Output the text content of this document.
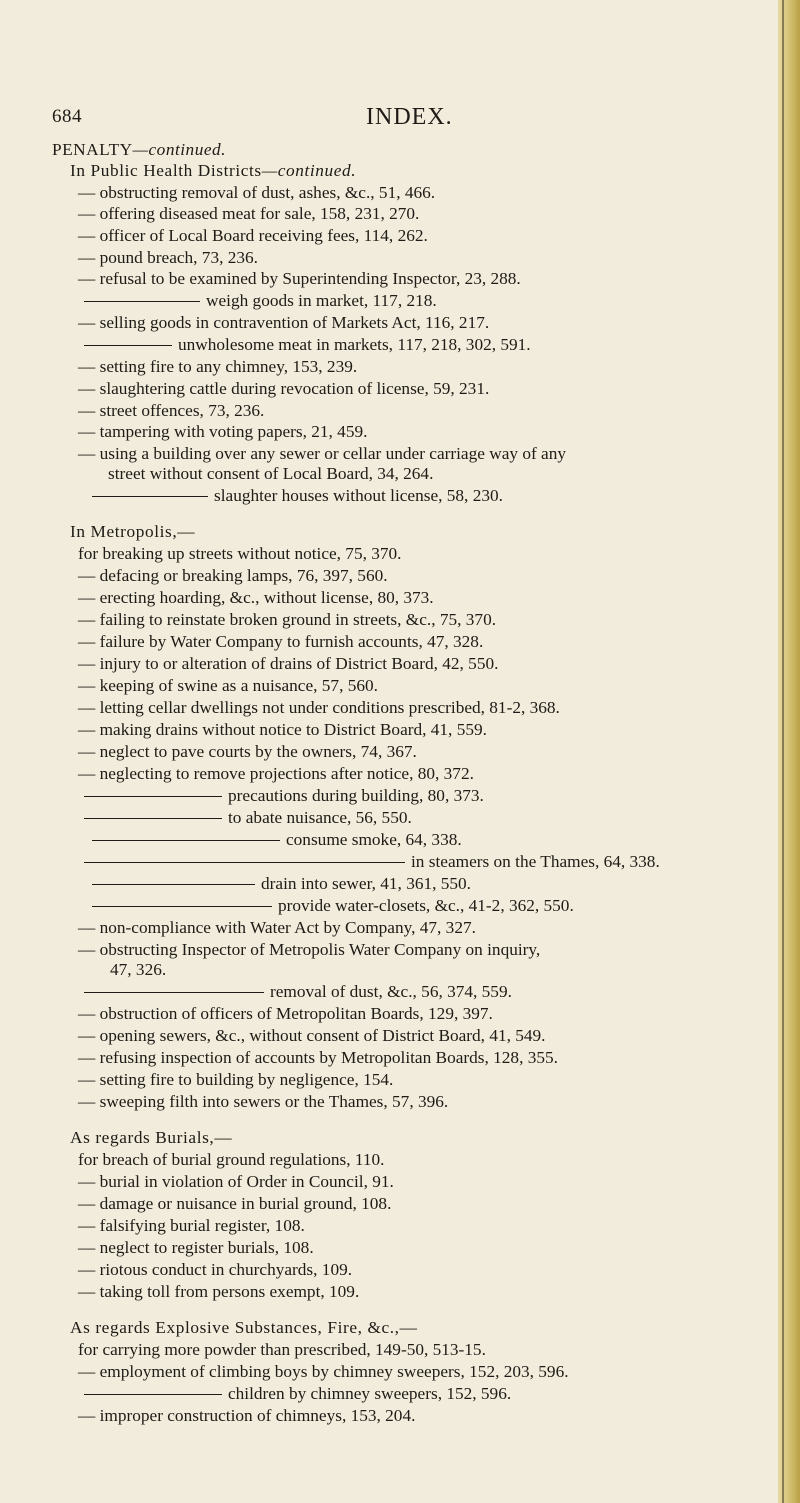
684	INDEX.
PENALTY—continued.
In Public Health Districts—continued.
— obstructing removal of dust, ashes, &c., 51, 466.
— offering diseased meat for sale, 158, 231, 270.
— officer of Local Board receiving fees, 114, 262.
— pound breach, 73, 236.
— refusal to be examined by Superintending Inspector, 23, 288.
weigh goods in market, 117, 218.
— selling goods in contravention of Markets Act, 116, 217.
unwholesome meat in markets, 117, 218, 302, 591.
— setting fire to any chimney, 153, 239.
— slaughtering cattle during revocation of license, 59, 231.
— street offences, 73, 236.
— tampering with voting papers, 21, 459.
— using a building over any sewer or cellar under carriage way of any
street without consent of Local Board, 34, 264.
slaughter houses without license, 58, 230.
In Metropolis,—
for breaking up streets without notice, 75, 370.
— defacing or breaking lamps, 76, 397, 560.
— erecting hoarding, &c., without license, 80, 373.
— failing to reinstate broken ground in streets, &c., 75, 370.
— failure by Water Company to furnish accounts, 47, 328.
— injury to or alteration of drains of District Board, 42, 550.
— keeping of swine as a nuisance, 57, 560.
— letting cellar dwellings not under conditions prescribed, 81-2, 368.
— making drains without notice to District Board, 41, 559.
— neglect to pave courts by the owners, 74, 367.
— neglecting to remove projections after notice, 80, 372.
precautions during building, 80, 373.
to abate nuisance, 56, 550.
consume smoke, 64, 338.
in steamers on the Thames, 64, 338.
drain into sewer, 41, 361, 550.
provide water-closets, &c., 41-2, 362, 550.
— non-compliance with Water Act by Company, 47, 327.
— obstructing Inspector of Metropolis Water Company on inquiry,
47, 326.
removal of dust, &c., 56, 374, 559.
— obstruction of officers of Metropolitan Boards, 129, 397.
— opening sewers, &c., without consent of District Board, 41, 549.
— refusing inspection of accounts by Metropolitan Boards, 128, 355.
— setting fire to building by negligence, 154.
— sweeping filth into sewers or the Thames, 57, 396.
As regards Burials,—
for breach of burial ground regulations, 110.
— burial in violation of Order in Council, 91.
— damage or nuisance in burial ground, 108.
— falsifying burial register, 108.
— neglect to register burials, 108.
— riotous conduct in churchyards, 109.
— taking toll from persons exempt, 109.
As regards Explosive Substances, Fire, &c.,—
for carrying more powder than prescribed, 149-50, 513-15.
— employment of climbing boys by chimney sweepers, 152, 203, 596.
children by chimney sweepers, 152, 596.
— improper construction of chimneys, 153, 204.
